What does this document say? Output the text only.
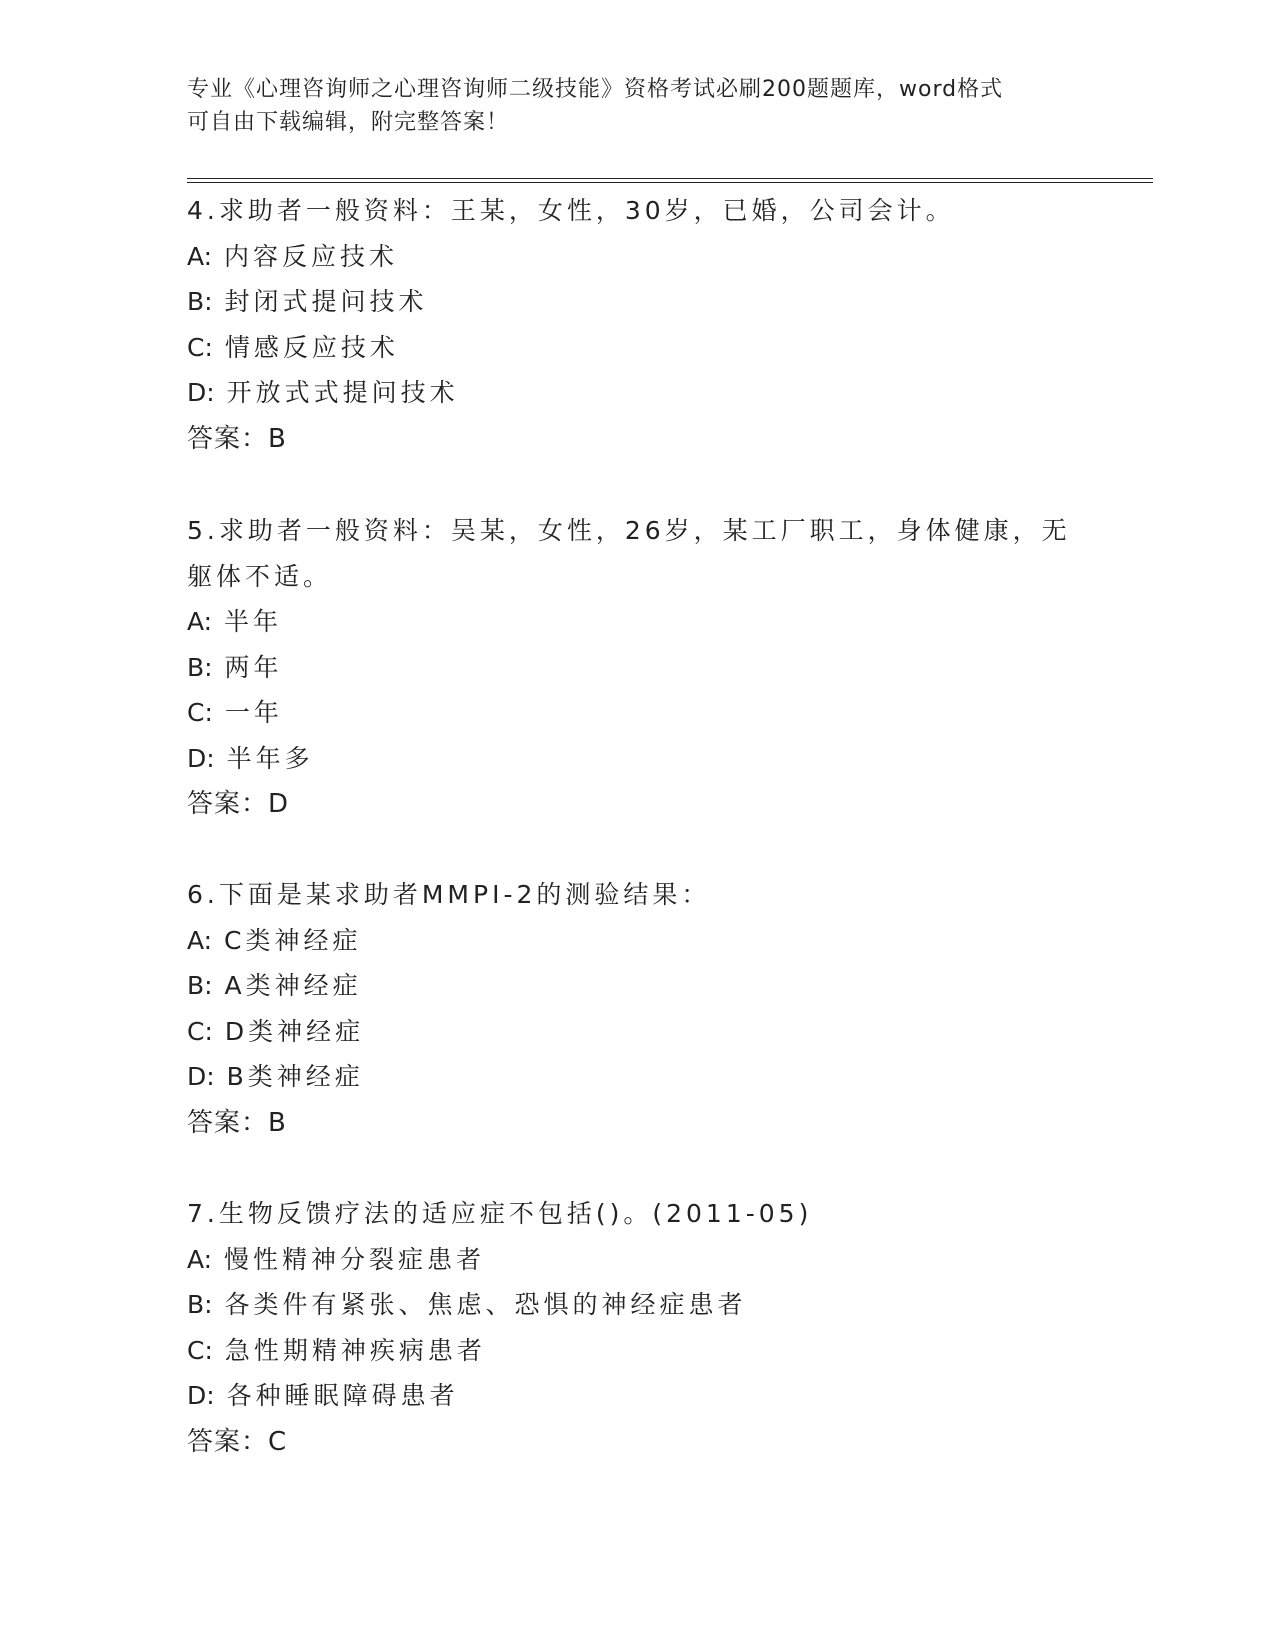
专业《心理咨询师之心理咨询师二级技能》资格考试必刷200题题库，word格式
可自由下载编辑，附完整答案！
4.求助者一般资料：王某，女性，30岁，已婚，公司会计。
A: 内容反应技术
B: 封闭式提问技术
C: 情感反应技术
D: 开放式式提问技术
答案：B
5.求助者一般资料：吴某，女性，26岁，某工厂职工，身体健康，无
躯体不适。
A: 半年
B: 两年
C: 一年
D: 半年多
答案：D
6.下面是某求助者MMPI-2的测验结果：
A: C类神经症
B: A类神经症
C: D类神经症
D: B类神经症
答案：B
7.生物反馈疗法的适应症不包括()。(2011-05)
A: 慢性精神分裂症患者
B: 各类件有紧张、焦虑、恐惧的神经症患者
C: 急性期精神疾病患者
D: 各种睡眠障碍患者
答案：C
